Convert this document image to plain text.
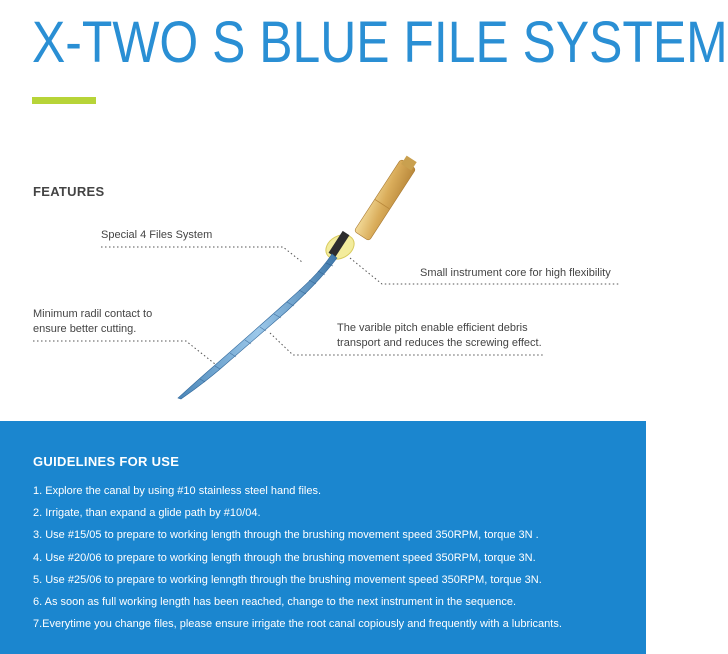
X-TWO S BLUE FILE SYSTEM
FEATURES
Special 4 Files System
Small instrument core for high flexibility
Minimum radil contact to
ensure better cutting.	The varible pitch enable efficient debris
transport and reduces the screwing effect.
GUIDELINES FOR USE
1. Explore the canal by using #10 stainless steel hand files.
2. Irrigate, than expand a glide path by #10/04.
3. Use #15/05 to prepare to working length through the brushing movement speed 350RPM, torque 3N .
4. Use #20/06 to prepare to working length through the brushing movement speed 350RPM, torque 3N.
5. Use #25/06 to prepare to working lenngth through the brushing movement speed 350RPM, torque 3N.
6. As soon as full working length has been reached, change to the next instrument in the sequence.
7.Everytime you change files, please ensure irrigate the root canal copiously and frequently with a lubricants.
